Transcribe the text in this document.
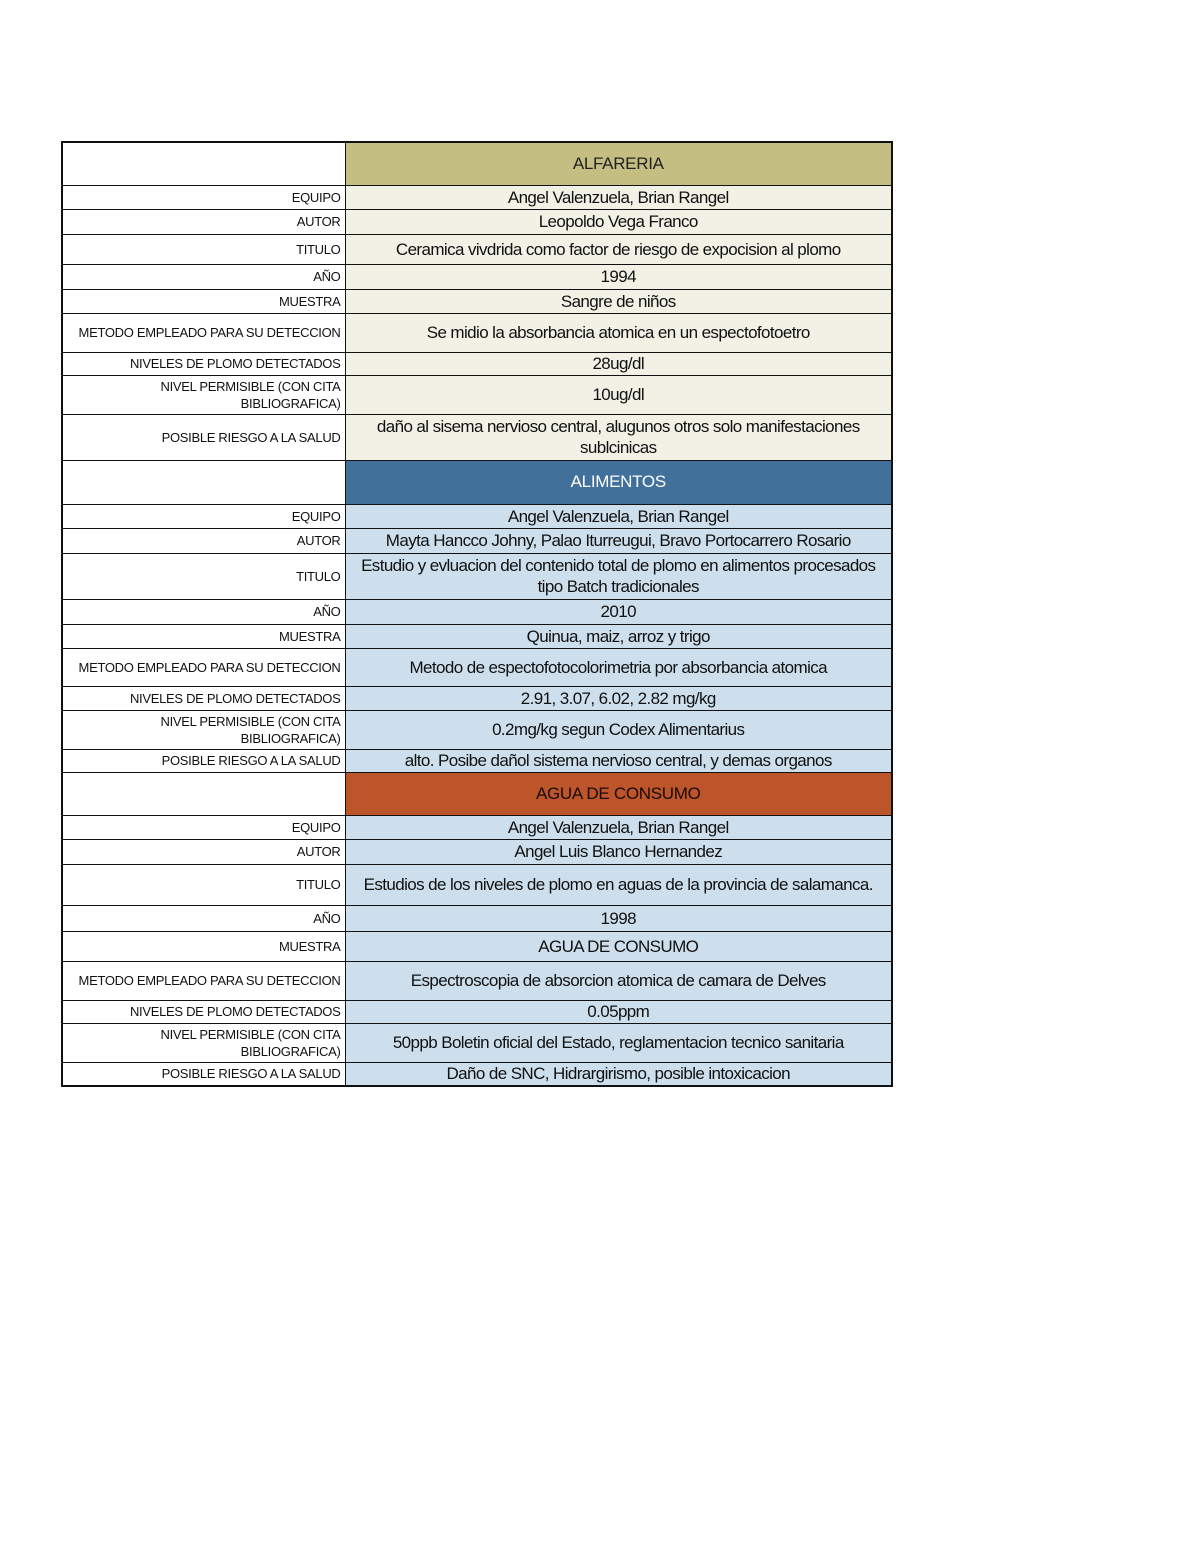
	ALFARERIA
EQUIPO	Angel Valenzuela, Brian Rangel
AUTOR	Leopoldo Vega Franco
TITULO	Ceramica vivdrida como factor de riesgo de expocision al plomo
AÑO	1994
MUESTRA	Sangre de niños
METODO EMPLEADO PARA SU DETECCION	Se midio la absorbancia atomica en un espectofotoetro
NIVELES DE PLOMO DETECTADOS	28ug/dl
NIVEL PERMISIBLE (CON CITA BIBLIOGRAFICA)	10ug/dl
POSIBLE RIESGO A LA SALUD	daño al sisema nervioso central, alugunos otros solo manifestaciones sublcinicas
	ALIMENTOS
EQUIPO	Angel Valenzuela, Brian Rangel
AUTOR	Mayta Hancco Johny, Palao Iturreugui, Bravo Portocarrero Rosario
TITULO	Estudio y evluacion del contenido total de plomo en alimentos procesados tipo Batch tradicionales
AÑO	2010
MUESTRA	Quinua, maiz, arroz y trigo
METODO EMPLEADO PARA SU DETECCION	Metodo de espectofotocolorimetria por absorbancia atomica
NIVELES DE PLOMO DETECTADOS	2.91, 3.07, 6.02, 2.82 mg/kg
NIVEL PERMISIBLE (CON CITA BIBLIOGRAFICA)	0.2mg/kg segun Codex Alimentarius
POSIBLE RIESGO A LA SALUD	alto. Posibe dañol sistema nervioso central, y demas organos
	AGUA DE CONSUMO
EQUIPO	Angel Valenzuela, Brian Rangel
AUTOR	Angel Luis Blanco Hernandez
TITULO	Estudios de los niveles de plomo en aguas de la provincia de salamanca.
AÑO	1998
MUESTRA	AGUA DE CONSUMO
METODO EMPLEADO PARA SU DETECCION	Espectroscopia de absorcion atomica de camara de Delves
NIVELES DE PLOMO DETECTADOS	0.05ppm
NIVEL PERMISIBLE (CON CITA BIBLIOGRAFICA)	50ppb Boletin oficial del Estado, reglamentacion tecnico sanitaria
POSIBLE RIESGO A LA SALUD	Daño de SNC, Hidrargirismo, posible intoxicacion
